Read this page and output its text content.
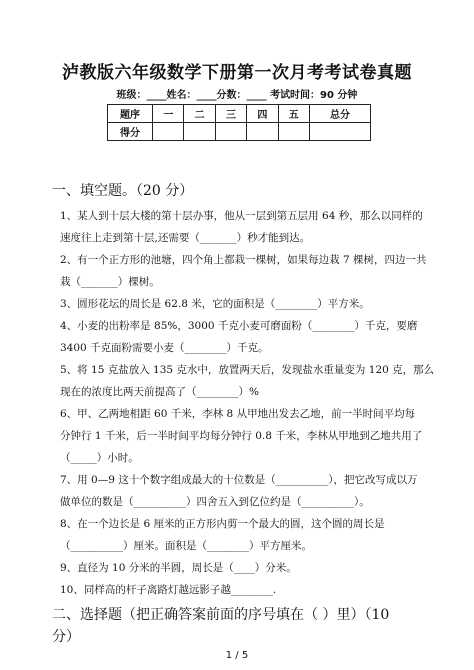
泸教版六年级数学下册第一次月考考试卷真题
班级：____姓名：____分数：____ 考试时间：90 分钟
题序	一	二	三	四	五	总分
得分						
一、填空题。（20 分）
1、某人到十层大楼的第十层办事，他从一层到第五层用 64 秒，那么以同样的
速度往上走到第十层,还需要（_______）秒才能到达。
2、有一个正方形的池塘，四个角上都栽一棵树，如果每边栽 7 棵树，四边一共
栽（_______）棵树。
3、圆形花坛的周长是 62.8 米，它的面积是（________）平方米。
4、小麦的出粉率是 85%，3000 千克小麦可磨面粉（________）千克，要磨
3400 千克面粉需要小麦（________）千克。
5、将 15 克盐放入 135 克水中，放置两天后，发现盐水重量变为 120 克，那么
现在的浓度比两天前提高了（________）%
6、甲、乙两地相距 60 千米，李林 8 从甲地出发去乙地，前一半时间平均每
分钟行 1 千米，后一半时间平均每分钟行 0.8 千米，李林从甲地到乙地共用了
（_____）小时。
7、用 0—9 这十个数字组成最大的十位数是（__________），把它改写成以万
做单位的数是（__________）四舍五入到亿位约是（__________）。
8、在一个边长是 6 厘米的正方形内剪一个最大的圆，这个圆的周长是
（__________）厘米。面积是（________）平方厘米。
9、直径为 10 分米的半圆，周长是（____）分米。
10、同样高的杆子离路灯越远影子越________.
二、选择题（把正确答案前面的序号填在（ ）里）（10
分）
1 / 5
